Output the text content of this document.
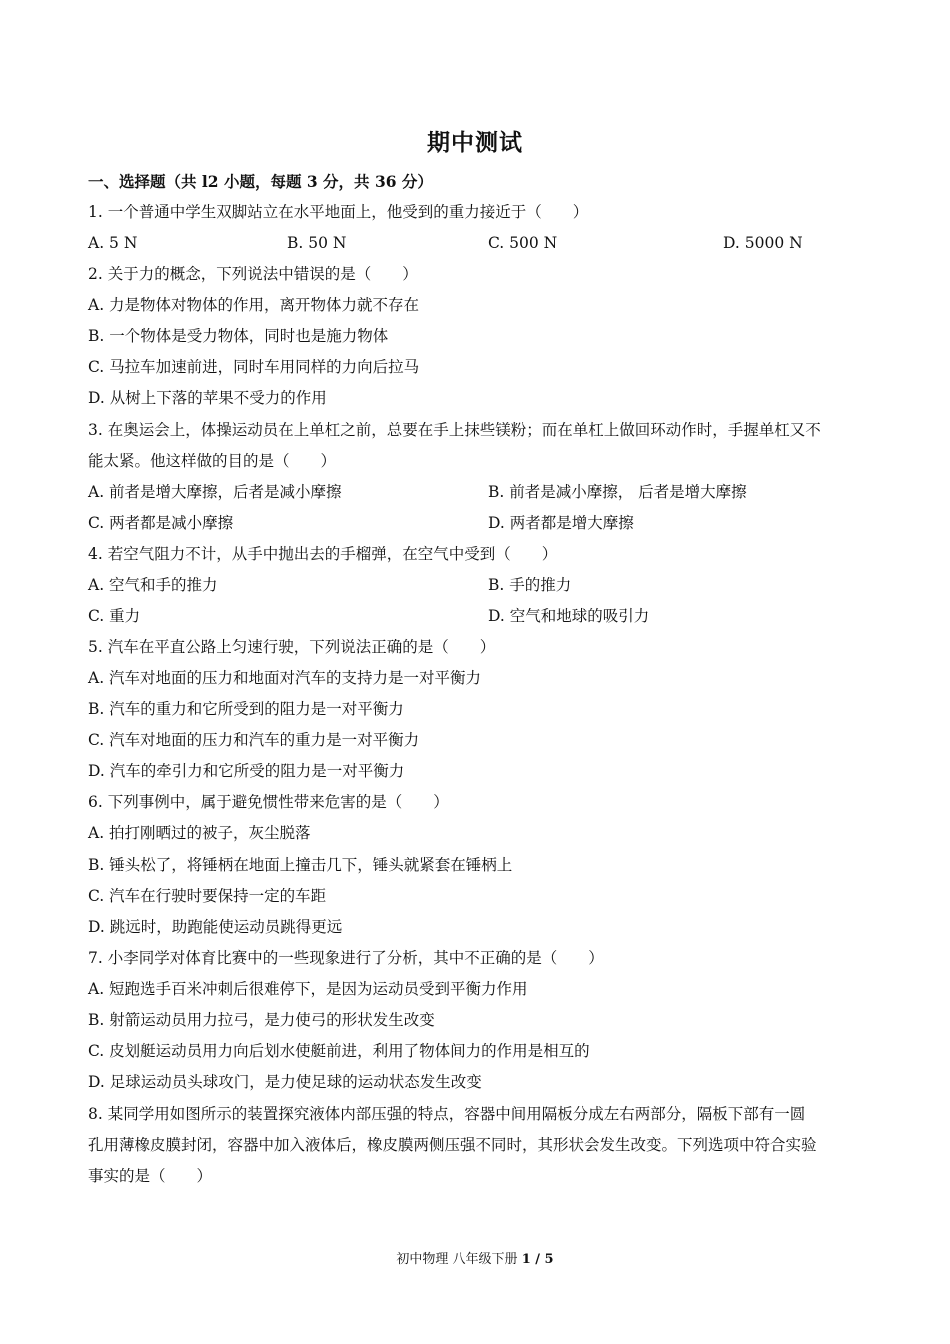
期中测试
一、选择题（共 l2 小题，每题 3 分，共 36 分）
1. 一个普通中学生双脚站立在水平地面上，他受到的重力接近于（　　）
A. 5 N	B. 50 N	C. 500 N	D. 5000 N
2. 关于力的概念，下列说法中错误的是（　　）
A. 力是物体对物体的作用，离开物体力就不存在
B. 一个物体是受力物体，同时也是施力物体
C. 马拉车加速前进，同时车用同样的力向后拉马
D. 从树上下落的苹果不受力的作用
3. 在奥运会上，体操运动员在上单杠之前，总要在手上抹些镁粉；而在单杠上做回环动作时，手握单杠又不
能太紧。他这样做的目的是（　　）
A. 前者是增大摩擦，后者是减小摩擦	B. 前者是减小摩擦， 后者是增大摩擦
C. 两者都是减小摩擦	D. 两者都是增大摩擦
4. 若空气阻力不计，从手中抛出去的手榴弹，在空气中受到（　　）
A. 空气和手的推力	B. 手的推力
C. 重力	D. 空气和地球的吸引力
5. 汽车在平直公路上匀速行驶，下列说法正确的是（　　）
A. 汽车对地面的压力和地面对汽车的支持力是一对平衡力
B. 汽车的重力和它所受到的阻力是一对平衡力
C. 汽车对地面的压力和汽车的重力是一对平衡力
D. 汽车的牵引力和它所受的阻力是一对平衡力
6. 下列事例中，属于避免惯性带来危害的是（　　）
A. 拍打刚晒过的被子，灰尘脱落
B. 锤头松了，将锤柄在地面上撞击几下，锤头就紧套在锤柄上
C. 汽车在行驶时要保持一定的车距
D. 跳远时，助跑能使运动员跳得更远
7. 小李同学对体育比赛中的一些现象进行了分析，其中不正确的是（　　）
A. 短跑选手百米冲刺后很难停下，是因为运动员受到平衡力作用
B. 射箭运动员用力拉弓，是力使弓的形状发生改变
C. 皮划艇运动员用力向后划水使艇前进，利用了物体间力的作用是相互的
D. 足球运动员头球攻门，是力使足球的运动状态发生改变
8. 某同学用如图所示的装置探究液体内部压强的特点，容器中间用隔板分成左右两部分，隔板下部有一圆
孔用薄橡皮膜封闭，容器中加入液体后，橡皮膜两侧压强不同时，其形状会发生改变。下列选项中符合实验
事实的是（　　）
初中物理 八年级下册 1 / 5
